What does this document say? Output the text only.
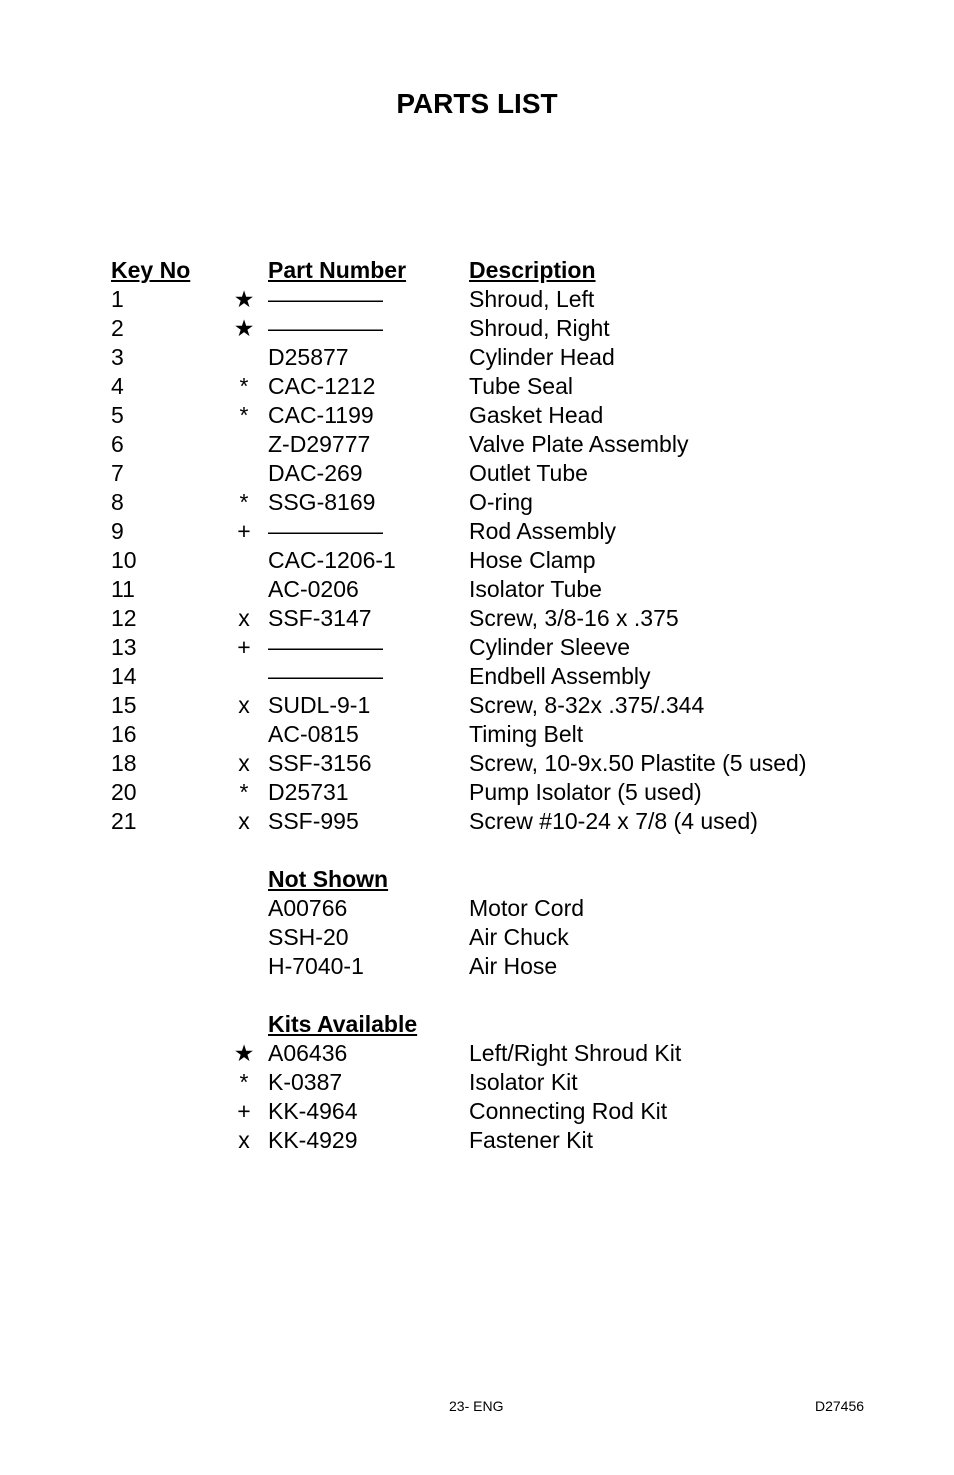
PARTS LIST
Key No	Part Number	Description
1	★ —————	Shroud, Left
2	★ —————	Shroud, Right
3	D25877	Cylinder Head
4	* CAC-1212	Tube Seal
5	* CAC-1199	Gasket Head
6	Z-D29777	Valve Plate Assembly
7	DAC-269	Outlet Tube
8	* SSG-8169	O-ring
9	+ —————	Rod Assembly
10	CAC-1206-1	Hose Clamp
11	AC-0206	Isolator Tube
12	x SSF-3147	Screw, 3/8-16 x .375
13	+ —————	Cylinder Sleeve
14	—————	Endbell Assembly
15	x SUDL-9-1	Screw, 8-32x .375/.344
16	AC-0815	Timing Belt
18	x SSF-3156	Screw, 10-9x.50 Plastite (5 used)
20	* D25731	Pump Isolator (5 used)
21	x SSF-995	Screw #10-24 x 7/8 (4 used)
Not Shown
A00766	Motor Cord
SSH-20	Air Chuck
H-7040-1	Air Hose
Kits Available
★ A06436	Left/Right Shroud Kit
* K-0387	Isolator Kit
+ KK-4964	Connecting Rod Kit
x KK-4929	Fastener Kit
23- ENG	D27456
